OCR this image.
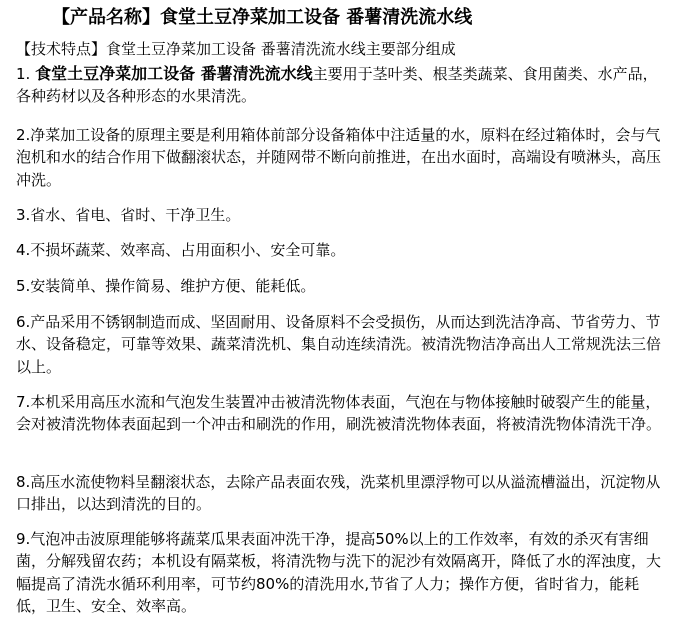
【产品名称】食堂土豆净菜加工设备 番薯清洗流水线

【技术特点】食堂土豆净菜加工设备 番薯清洗流水线主要部分组成

1. 食堂土豆净菜加工设备 番薯清洗流水线主要用于茎叶类、根茎类蔬菜、食用菌类、水产品，各种药材以及各种形态的水果清洗。

2.净菜加工设备的原理主要是利用箱体前部分设备箱体中注适量的水，原料在经过箱体时，会与气泡机和水的结合作用下做翻滚状态，并随网带不断向前推进，在出水面时，高端设有喷淋头，高压冲洗。

3.省水、省电、省时、干净卫生。

4.不损坏蔬菜、效率高、占用面积小、安全可靠。

5.安装简单、操作简易、维护方便、能耗低。

6.产品采用不锈钢制造而成、坚固耐用、设备原料不会受损伤，从而达到洗洁净高、节省劳力、节水、设备稳定，可靠等效果、蔬菜清洗机、集自动连续清洗。被清洗物洁净高出人工常规洗法三倍以上。

7.本机采用高压水流和气泡发生装置冲击被清洗物体表面，气泡在与物体接触时破裂产生的能量，会对被清洗物体表面起到一个冲击和刷洗的作用，刷洗被清洗物体表面，将被清洗物体清洗干净。

8.高压水流使物料呈翻滚状态，去除产品表面农残，洗菜机里漂浮物可以从溢流槽溢出，沉淀物从口排出，以达到清洗的目的。

9.气泡冲击波原理能够将蔬菜瓜果表面冲洗干净，提高50%以上的工作效率，有效的杀灭有害细菌，分解残留农药；本机设有隔菜板，将清洗物与洗下的泥沙有效隔离开，降低了水的浑浊度，大幅提高了清洗水循环利用率，可节约80%的清洗用水,节省了人力；操作方便，省时省力，能耗低，卫生、安全、效率高。
